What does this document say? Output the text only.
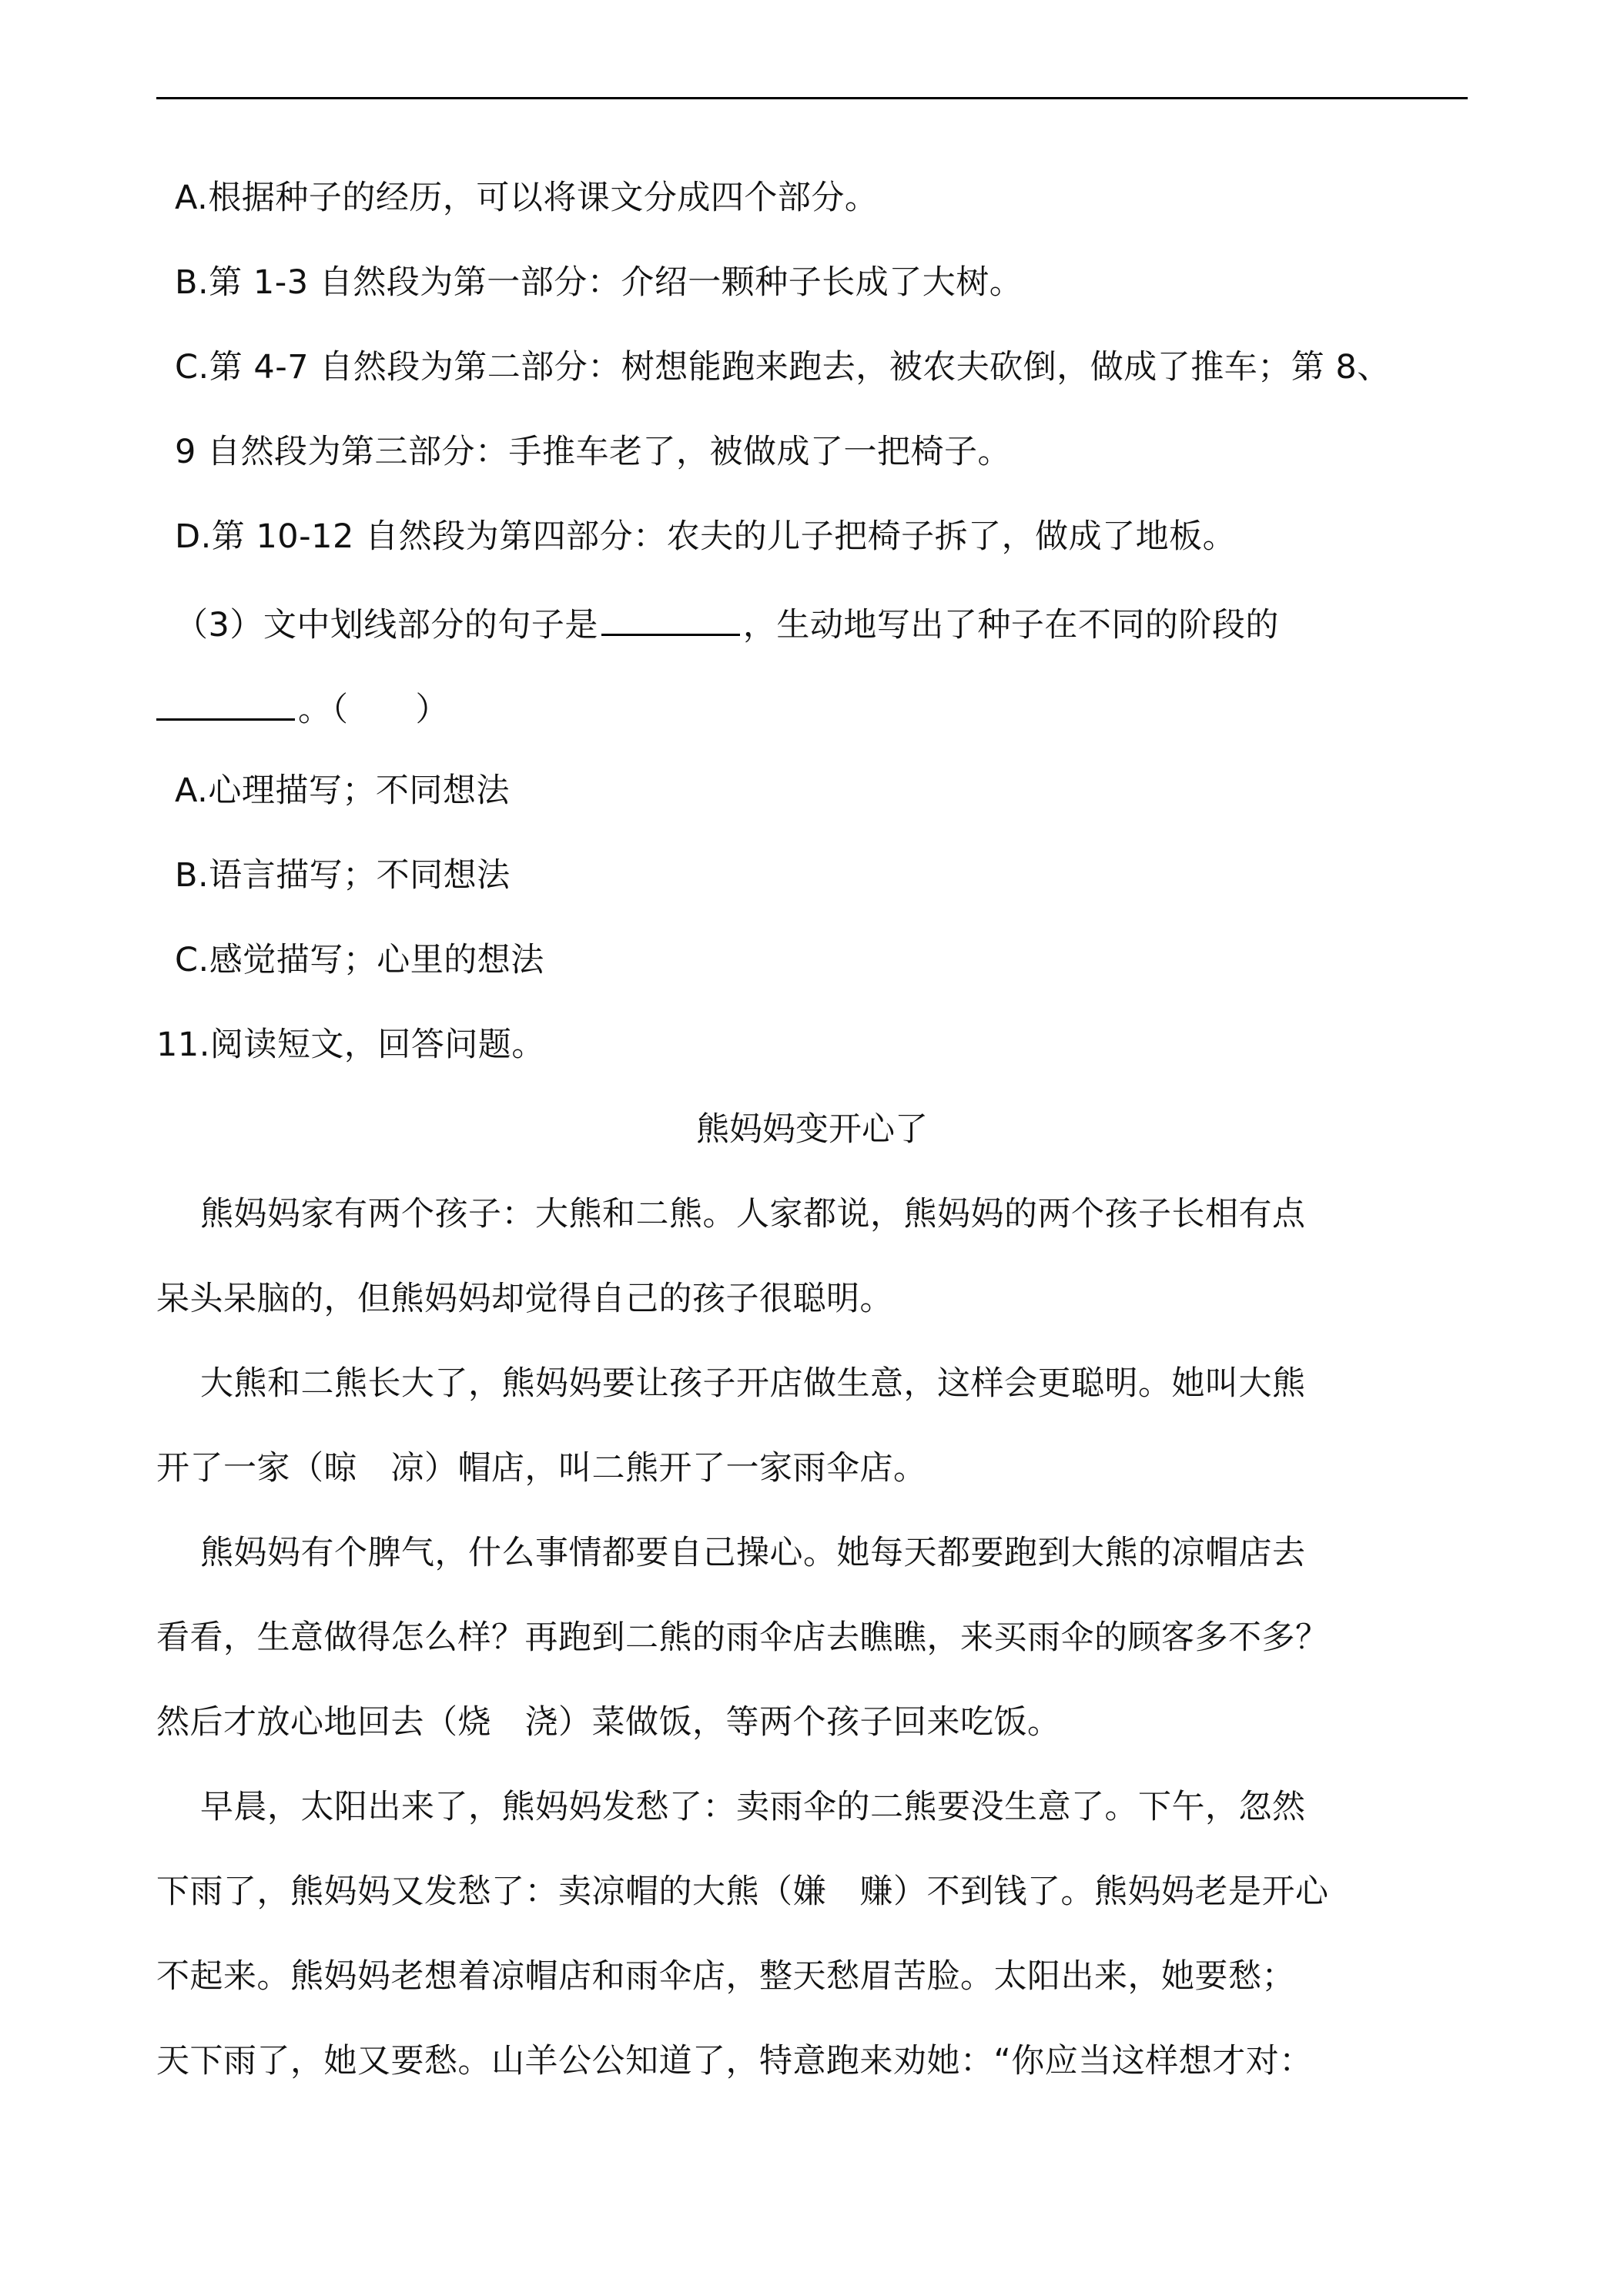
A.根据种子的经历，可以将课文分成四个部分。
B.第 1-3 自然段为第一部分：介绍一颗种子长成了大树。
C.第 4-7 自然段为第二部分：树想能跑来跑去，被农夫砍倒，做成了推车；第 8、
9 自然段为第三部分：手推车老了，被做成了一把椅子。
D.第 10-12 自然段为第四部分：农夫的儿子把椅子拆了，做成了地板。
（3）文中划线部分的句子是	，生动地写出了种子在不同的阶段的
。（　　）
A.心理描写；不同想法
B.语言描写；不同想法
C.感觉描写；心里的想法
11.阅读短文，回答问题。
熊妈妈变开心了
熊妈妈家有两个孩子：大熊和二熊。人家都说，熊妈妈的两个孩子长相有点
呆头呆脑的，但熊妈妈却觉得自己的孩子很聪明。
大熊和二熊长大了，熊妈妈要让孩子开店做生意，这样会更聪明。她叫大熊
开了一家（晾　凉）帽店，叫二熊开了一家雨伞店。
熊妈妈有个脾气，什么事情都要自己操心。她每天都要跑到大熊的凉帽店去
看看，生意做得怎么样？再跑到二熊的雨伞店去瞧瞧，来买雨伞的顾客多不多？
然后才放心地回去（烧　浇）菜做饭，等两个孩子回来吃饭。
早晨，太阳出来了，熊妈妈发愁了：卖雨伞的二熊要没生意了。下午，忽然
下雨了，熊妈妈又发愁了：卖凉帽的大熊（嫌　赚）不到钱了。熊妈妈老是开心
不起来。熊妈妈老想着凉帽店和雨伞店，整天愁眉苦脸。太阳出来，她要愁；
天下雨了，她又要愁。山羊公公知道了，特意跑来劝她：“你应当这样想才对：
